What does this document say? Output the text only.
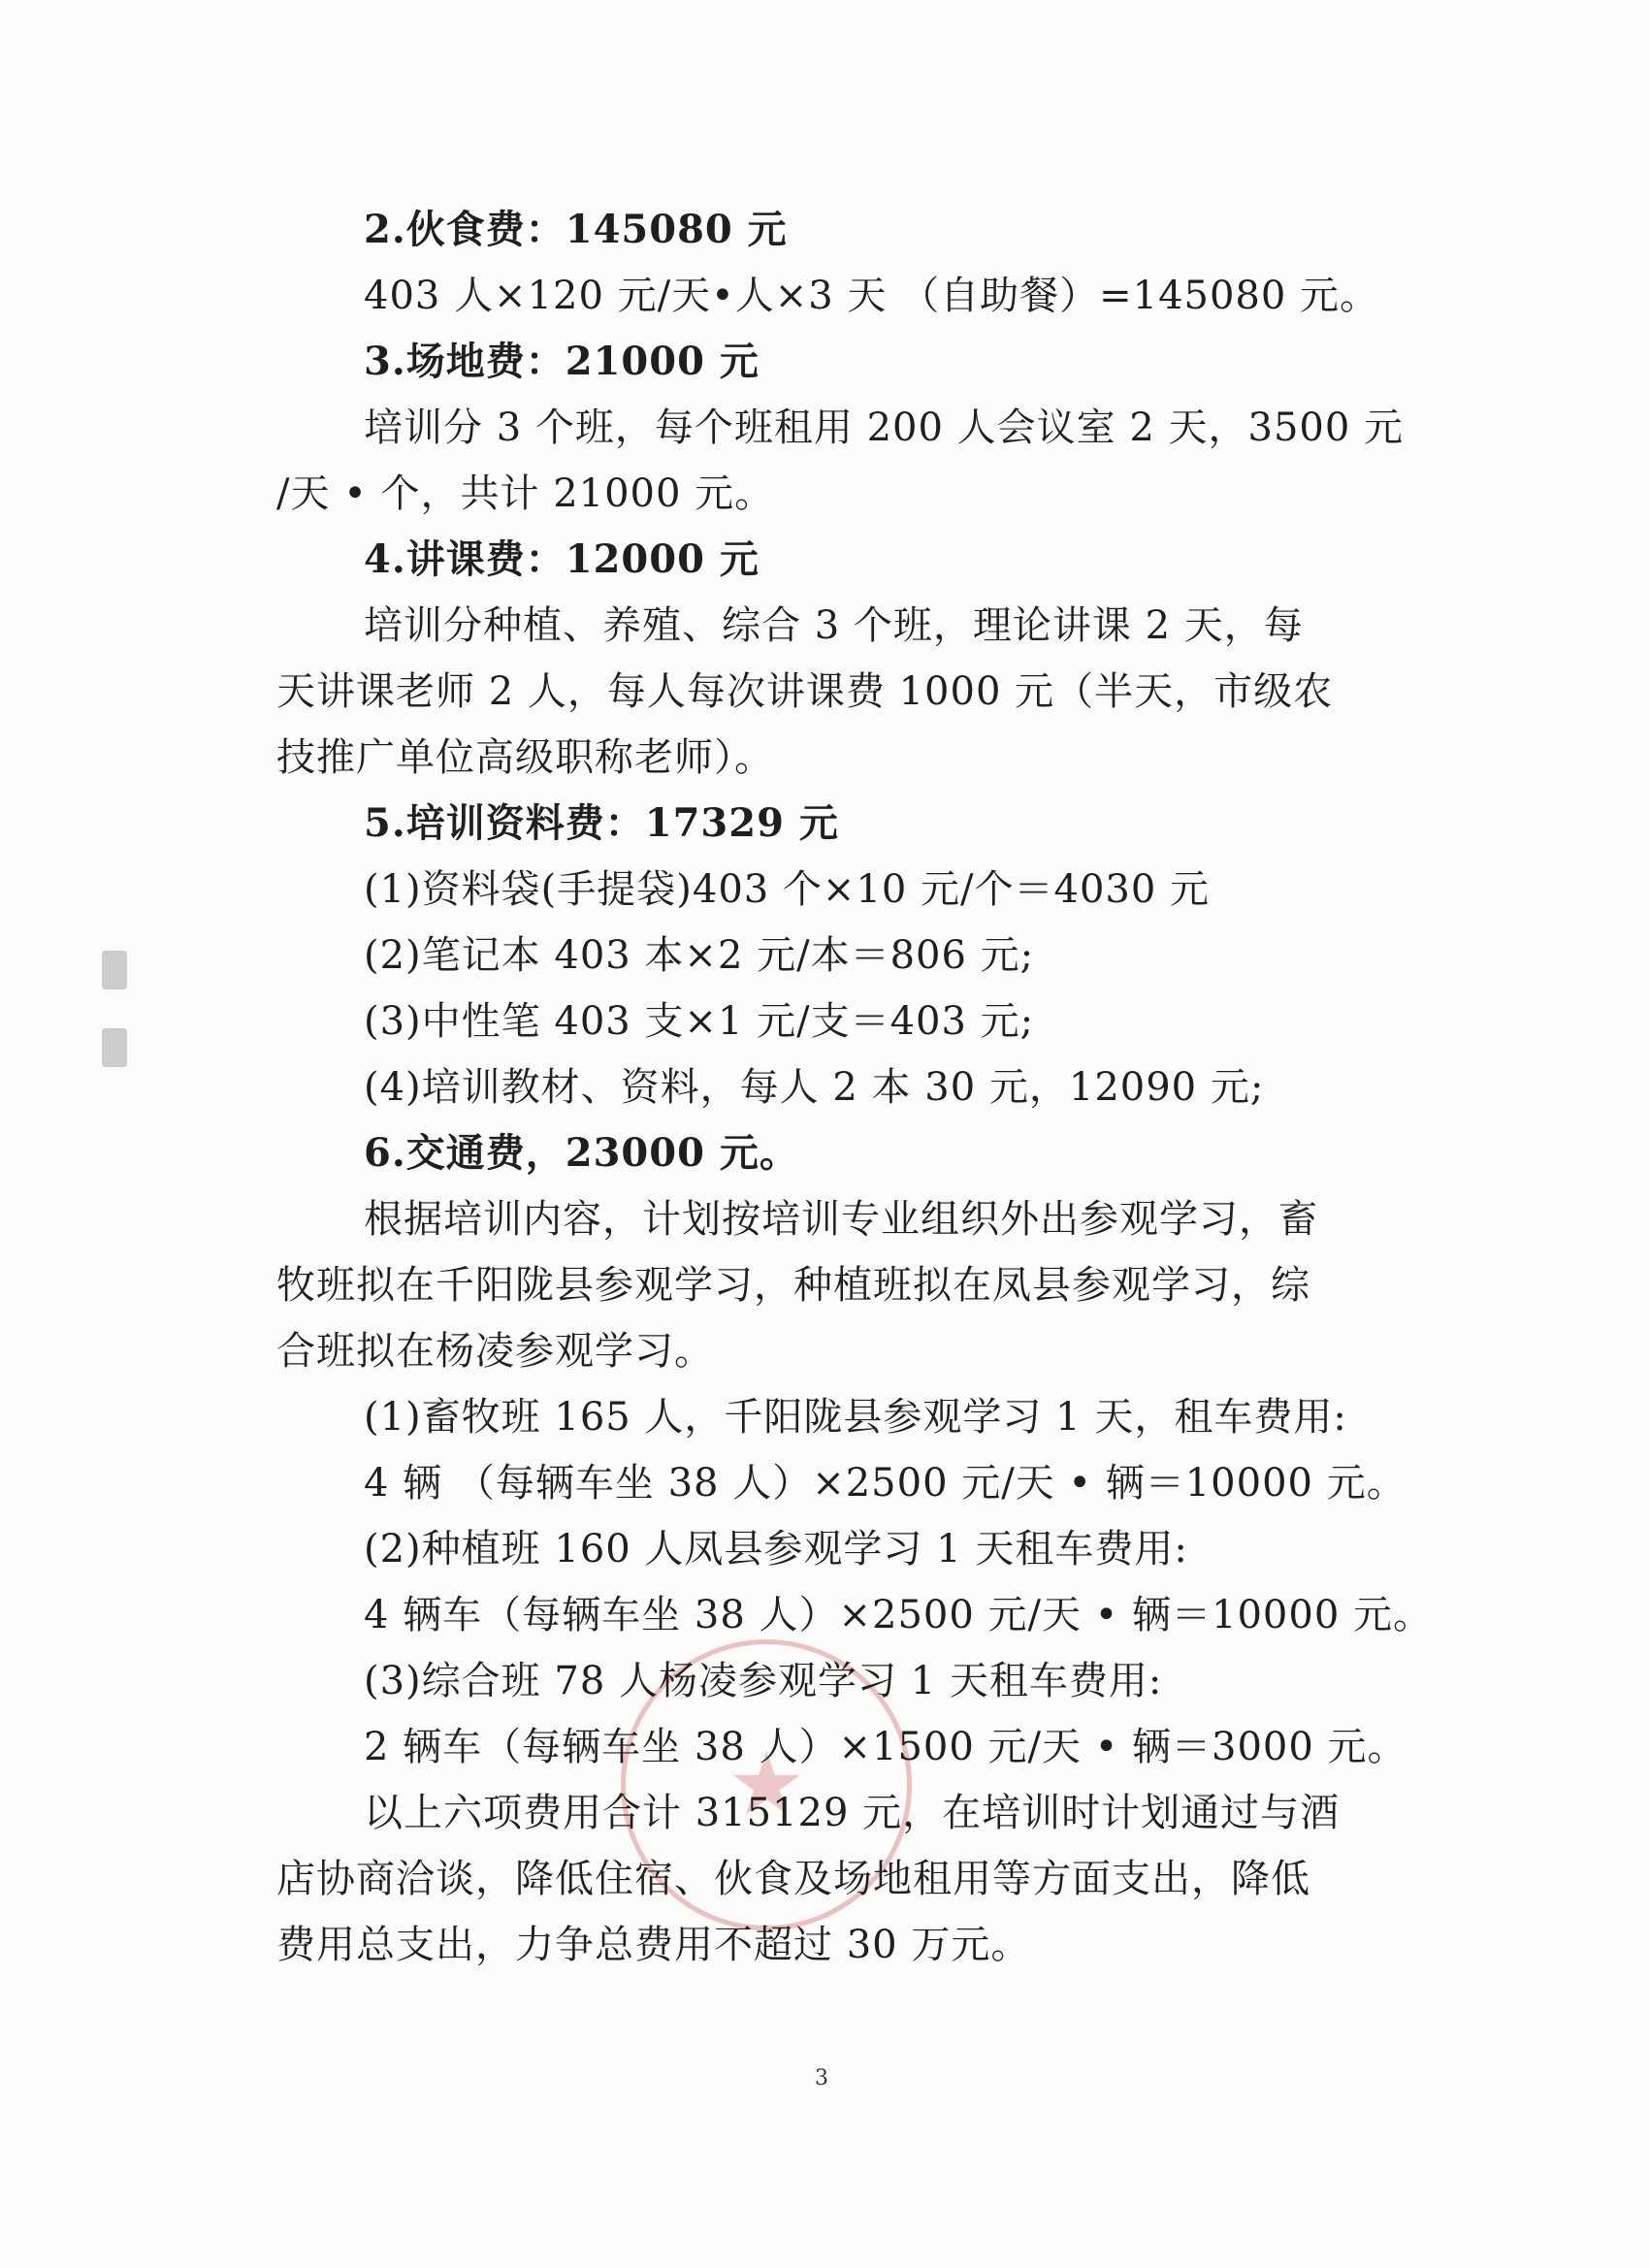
★
2.伙食费：145080 元
403 人×120 元/天•人×3 天 （自助餐）=145080 元。
3.场地费：21000 元
培训分 3 个班，每个班租用 200 人会议室 2 天，3500 元
/天 • 个，共计 21000 元。
4.讲课费：12000 元
培训分种植、养殖、综合 3 个班，理论讲课 2 天，每
天讲课老师 2 人，每人每次讲课费 1000 元（半天，市级农
技推广单位高级职称老师）。
5.培训资料费：17329 元
(1)资料袋(手提袋)403 个×10 元/个＝4030 元
(2)笔记本 403 本×2 元/本＝806 元;
(3)中性笔 403 支×1 元/支＝403 元;
(4)培训教材、资料，每人 2 本 30 元，12090 元;
6.交通费，23000 元。
根据培训内容，计划按培训专业组织外出参观学习，畜
牧班拟在千阳陇县参观学习，种植班拟在凤县参观学习，综
合班拟在杨凌参观学习。
(1)畜牧班 165 人，千阳陇县参观学习 1 天，租车费用:
4 辆 （每辆车坐 38 人）×2500 元/天 • 辆＝10000 元。
(2)种植班 160 人凤县参观学习 1 天租车费用:
4 辆车（每辆车坐 38 人）×2500 元/天 • 辆＝10000 元。
(3)综合班 78 人杨凌参观学习 1 天租车费用:
2 辆车（每辆车坐 38 人）×1500 元/天 • 辆＝3000 元。
以上六项费用合计 315129 元，在培训时计划通过与酒
店协商洽谈，降低住宿、伙食及场地租用等方面支出，降低
费用总支出，力争总费用不超过 30 万元。
3
